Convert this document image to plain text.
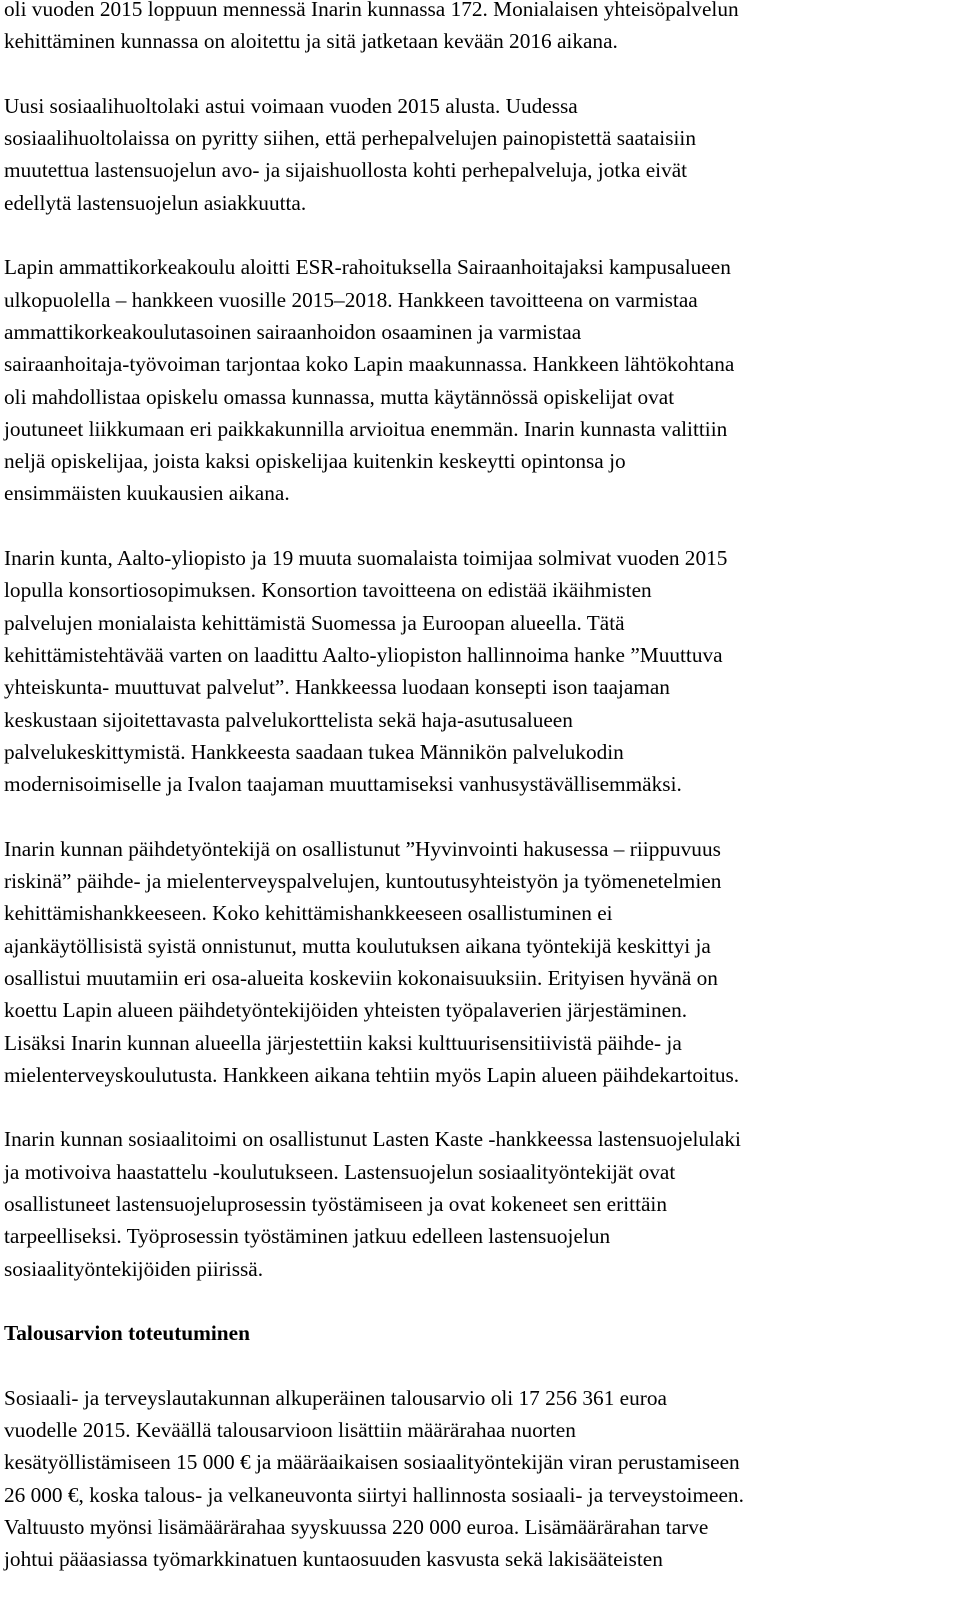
oli vuoden 2015 loppuun mennessä Inarin kunnassa 172. Monialaisen yhteisöpalvelun
kehittäminen kunnassa on aloitettu ja sitä jatketaan kevään 2016 aikana.

Uusi sosiaalihuoltolaki astui voimaan vuoden 2015 alusta. Uudessa
sosiaalihuoltolaissa on pyritty siihen, että perhepalvelujen painopistettä saataisiin
muutettua lastensuojelun avo- ja sijaishuollosta kohti perhepalveluja, jotka eivät
edellytä lastensuojelun asiakkuutta.

Lapin ammattikorkeakoulu aloitti ESR-rahoituksella Sairaanhoitajaksi kampusalueen
ulkopuolella – hankkeen vuosille 2015–2018. Hankkeen tavoitteena on varmistaa
ammattikorkeakoulutasoinen sairaanhoidon osaaminen ja varmistaa
sairaanhoitaja-työvoiman tarjontaa koko Lapin maakunnassa. Hankkeen lähtökohtana
oli mahdollistaa opiskelu omassa kunnassa, mutta käytännössä opiskelijat ovat
joutuneet liikkumaan eri paikkakunnilla arvioitua enemmän. Inarin kunnasta valittiin
neljä opiskelijaa, joista kaksi opiskelijaa kuitenkin keskeytti opintonsa jo
ensimmäisten kuukausien aikana.

Inarin kunta, Aalto-yliopisto ja 19 muuta suomalaista toimijaa solmivat vuoden 2015
lopulla konsortiosopimuksen. Konsortion tavoitteena on edistää ikäihmisten
palvelujen monialaista kehittämistä Suomessa ja Euroopan alueella. Tätä
kehittämistehtävää varten on laadittu Aalto-yliopiston hallinnoima hanke ”Muuttuva
yhteiskunta- muuttuvat palvelut”. Hankkeessa luodaan konsepti ison taajaman
keskustaan sijoitettavasta palvelukorttelista sekä haja-asutusalueen
palvelukeskittymistä. Hankkeesta saadaan tukea Männikön palvelukodin
modernisoimiselle ja Ivalon taajaman muuttamiseksi vanhusystävällisemmäksi.

Inarin kunnan päihdetyöntekijä on osallistunut ”Hyvinvointi hakusessa – riippuvuus
riskinä” päihde- ja mielenterveyspalvelujen, kuntoutusyhteistyön ja työmenetelmien
kehittämishankkeeseen. Koko kehittämishankkeeseen osallistuminen ei
ajankäytöllisistä syistä onnistunut, mutta koulutuksen aikana työntekijä keskittyi ja
osallistui muutamiin eri osa-alueita koskeviin kokonaisuuksiin. Erityisen hyvänä on
koettu Lapin alueen päihdetyöntekijöiden yhteisten työpalaverien järjestäminen.
Lisäksi Inarin kunnan alueella järjestettiin kaksi kulttuurisensitiivistä päihde- ja
mielenterveyskoulutusta. Hankkeen aikana tehtiin myös Lapin alueen päihdekartoitus.

Inarin kunnan sosiaalitoimi on osallistunut Lasten Kaste -hankkeessa lastensuojelulaki
ja motivoiva haastattelu -koulutukseen. Lastensuojelun sosiaalityöntekijät ovat
osallistuneet lastensuojeluprosessin työstämiseen ja ovat kokeneet sen erittäin
tarpeelliseksi. Työprosessin työstäminen jatkuu edelleen lastensuojelun
sosiaalityöntekijöiden piirissä.

Talousarvion toteutuminen

Sosiaali- ja terveyslautakunnan alkuperäinen talousarvio oli 17 256 361 euroa
vuodelle 2015. Keväällä talousarvioon lisättiin määrärahaa nuorten
kesätyöllistämiseen 15 000 € ja määräaikaisen sosiaalityöntekijän viran perustamiseen
26 000 €, koska talous- ja velkaneuvonta siirtyi hallinnosta sosiaali- ja terveystoimeen.
Valtuusto myönsi lisämäärärahaa syyskuussa 220 000 euroa. Lisämäärärahan tarve
johtui pääasiassa työmarkkinatuen kuntaosuuden kasvusta sekä lakisääteisten
